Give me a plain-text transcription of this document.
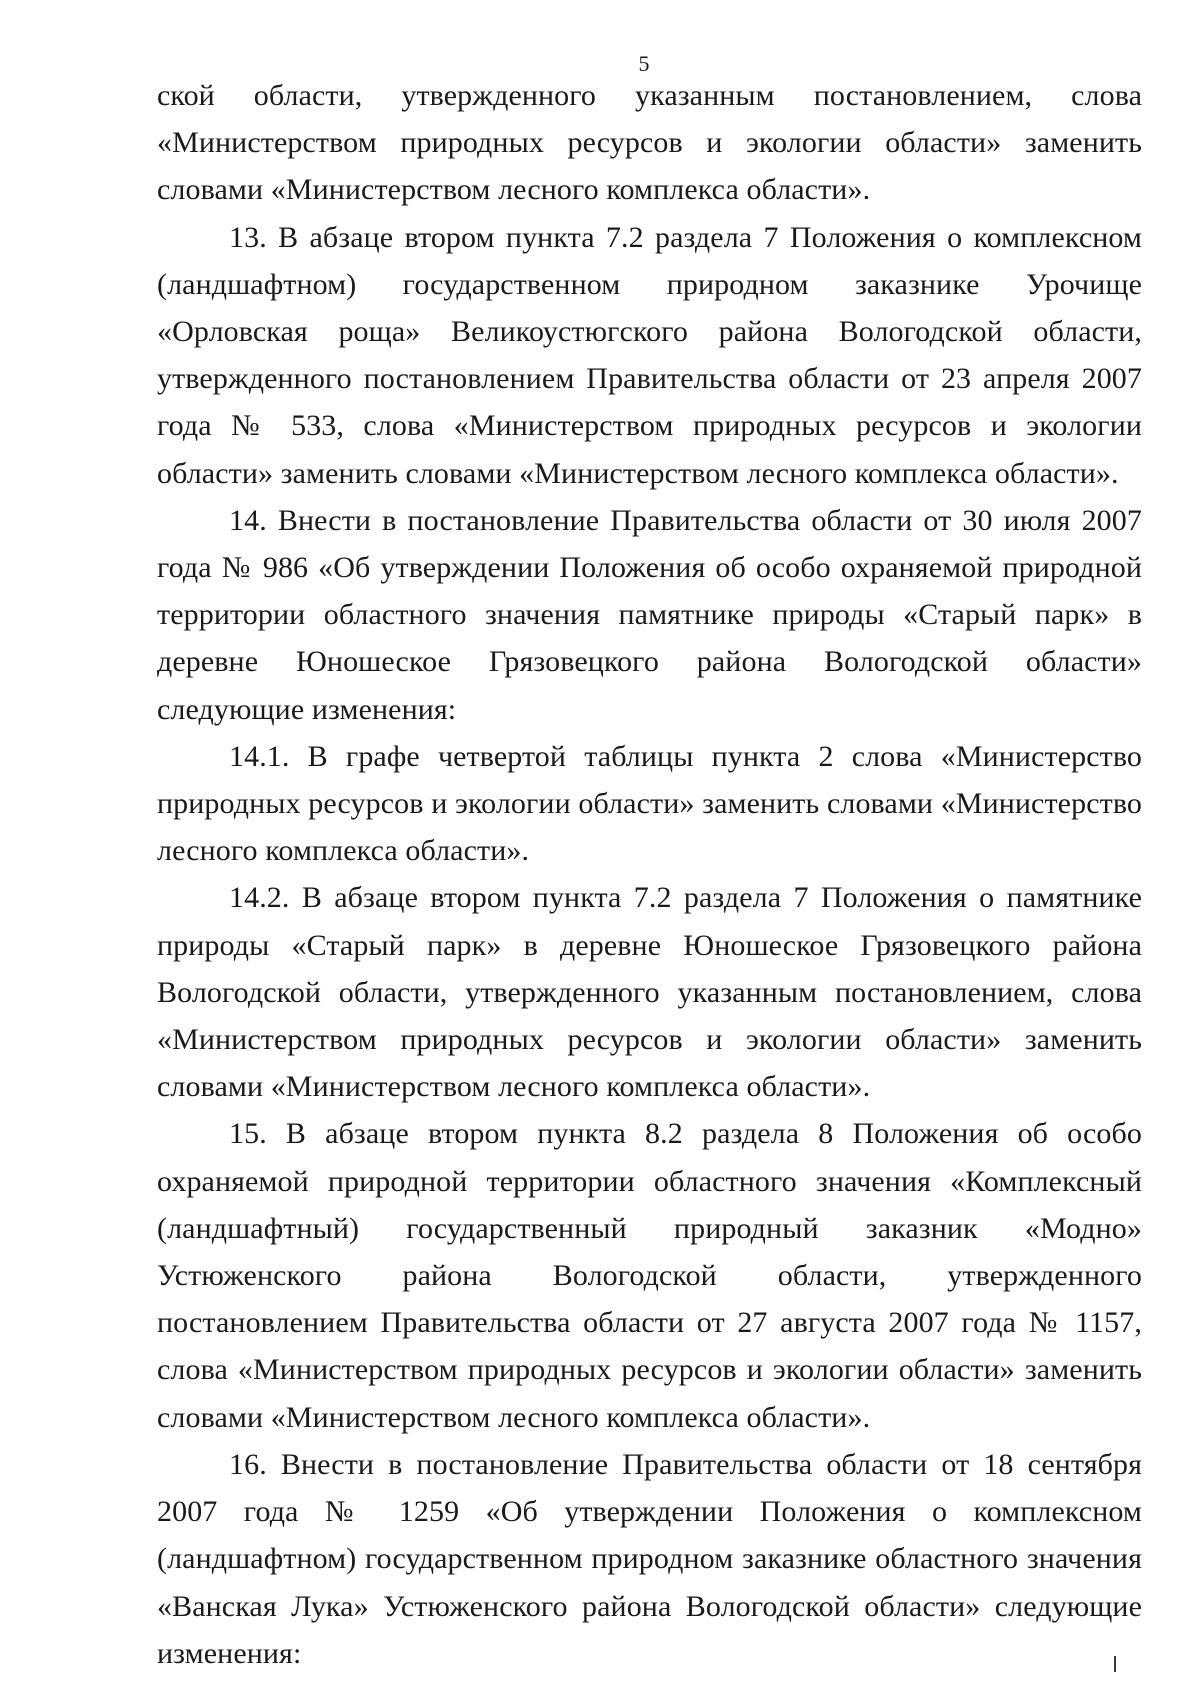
5

ской области, утвержденного указанным постановлением, слова «Министерством природных ресурсов и экологии области» заменить словами «Министерством лесного комплекса области».

13. В абзаце втором пункта 7.2 раздела 7 Положения о комплексном (ландшафтном) государственном природном заказнике Урочище «Орловская роща» Великоустюгского района Вологодской области, утвержденного постановлением Правительства области от 23 апреля 2007 года № 533, слова «Министерством природных ресурсов и экологии области» заменить словами «Министерством лесного комплекса области».

14. Внести в постановление Правительства области от 30 июля 2007 года № 986 «Об утверждении Положения об особо охраняемой природной территории областного значения памятнике природы «Старый парк» в деревне Юношеское Грязовецкого района Вологодской области» следующие изменения:

14.1. В графе четвертой таблицы пункта 2 слова «Министерство природных ресурсов и экологии области» заменить словами «Министерство лесного комплекса области».

14.2. В абзаце втором пункта 7.2 раздела 7 Положения о памятнике природы «Старый парк» в деревне Юношеское Грязовецкого района Вологодской области, утвержденного указанным постановлением, слова «Министерством природных ресурсов и экологии области» заменить словами «Министерством лесного комплекса области».

15. В абзаце втором пункта 8.2 раздела 8 Положения об особо охраняемой природной территории областного значения «Комплексный (ландшафтный) государственный природный заказник «Модно» Устюженского района Вологодской области, утвержденного постановлением Правительства области от 27 августа 2007 года № 1157, слова «Министерством природных ресурсов и экологии области» заменить словами «Министерством лесного комплекса области».

16. Внести в постановление Правительства области от 18 сентября 2007 года № 1259 «Об утверждении Положения о комплексном (ландшафтном) государственном природном заказнике областного значения «Ванская Лука» Устюженского района Вологодской области» следующие изменения:
